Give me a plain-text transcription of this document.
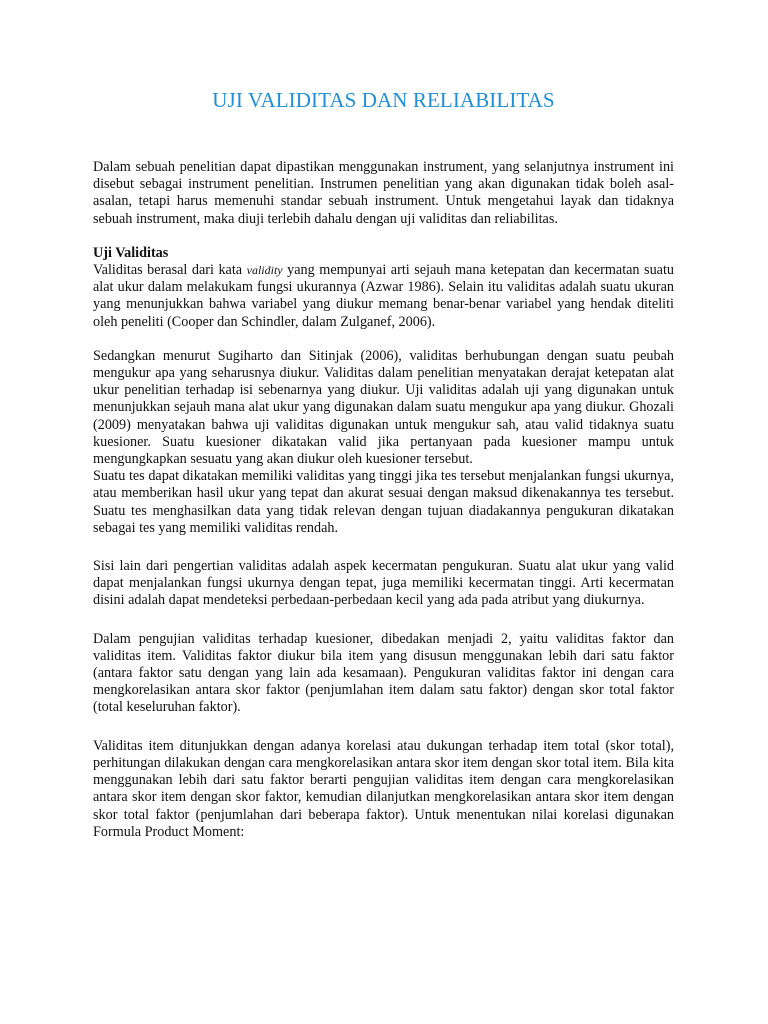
UJI VALIDITAS DAN RELIABILITAS

Dalam sebuah penelitian dapat dipastikan menggunakan instrument, yang selanjutnya instrument ini disebut sebagai instrument penelitian. Instrumen penelitian yang akan digunakan tidak boleh asal-asalan, tetapi harus memenuhi standar sebuah instrument. Untuk mengetahui layak dan tidaknya sebuah instrument, maka diuji terlebih dahalu dengan uji validitas dan reliabilitas.

Uji Validitas

Validitas berasal dari kata validity yang mempunyai arti sejauh mana ketepatan dan kecermatan suatu alat ukur dalam melakukam fungsi ukurannya (Azwar 1986). Selain itu validitas adalah suatu ukuran yang menunjukkan bahwa variabel yang diukur memang benar-benar variabel yang hendak diteliti oleh peneliti (Cooper dan Schindler, dalam Zulganef, 2006).

Sedangkan menurut Sugiharto dan Sitinjak (2006), validitas berhubungan dengan suatu peubah mengukur apa yang seharusnya diukur. Validitas dalam penelitian menyatakan derajat ketepatan alat ukur penelitian terhadap isi sebenarnya yang diukur. Uji validitas adalah uji yang digunakan untuk menunjukkan sejauh mana alat ukur yang digunakan dalam suatu mengukur apa yang diukur. Ghozali (2009) menyatakan bahwa uji validitas digunakan untuk mengukur sah, atau valid tidaknya suatu kuesioner. Suatu kuesioner dikatakan valid jika pertanyaan pada kuesioner mampu untuk mengungkapkan sesuatu yang akan diukur oleh kuesioner tersebut.

Suatu tes dapat dikatakan memiliki validitas yang tinggi jika tes tersebut menjalankan fungsi ukurnya, atau memberikan hasil ukur yang tepat dan akurat sesuai dengan maksud dikenakannya tes tersebut. Suatu tes menghasilkan data yang tidak relevan dengan tujuan diadakannya pengukuran dikatakan sebagai tes yang memiliki validitas rendah.

Sisi lain dari pengertian validitas adalah aspek kecermatan pengukuran. Suatu alat ukur yang valid dapat menjalankan fungsi ukurnya dengan tepat, juga memiliki kecermatan tinggi. Arti kecermatan disini adalah dapat mendeteksi perbedaan-perbedaan kecil yang ada pada atribut yang diukurnya.

Dalam pengujian validitas terhadap kuesioner, dibedakan menjadi 2, yaitu validitas faktor dan validitas item. Validitas faktor diukur bila item yang disusun menggunakan lebih dari satu faktor (antara faktor satu dengan yang lain ada kesamaan). Pengukuran validitas faktor ini dengan cara mengkorelasikan antara skor faktor (penjumlahan item dalam satu faktor) dengan skor total faktor (total keseluruhan faktor).

Validitas item ditunjukkan dengan adanya korelasi atau dukungan terhadap item total (skor total), perhitungan dilakukan dengan cara mengkorelasikan antara skor item dengan skor total item. Bila kita menggunakan lebih dari satu faktor berarti pengujian validitas item dengan cara mengkorelasikan antara skor item dengan skor faktor, kemudian dilanjutkan mengkorelasikan antara skor item dengan skor total faktor (penjumlahan dari beberapa faktor). Untuk menentukan nilai korelasi digunakan Formula Product Moment:
